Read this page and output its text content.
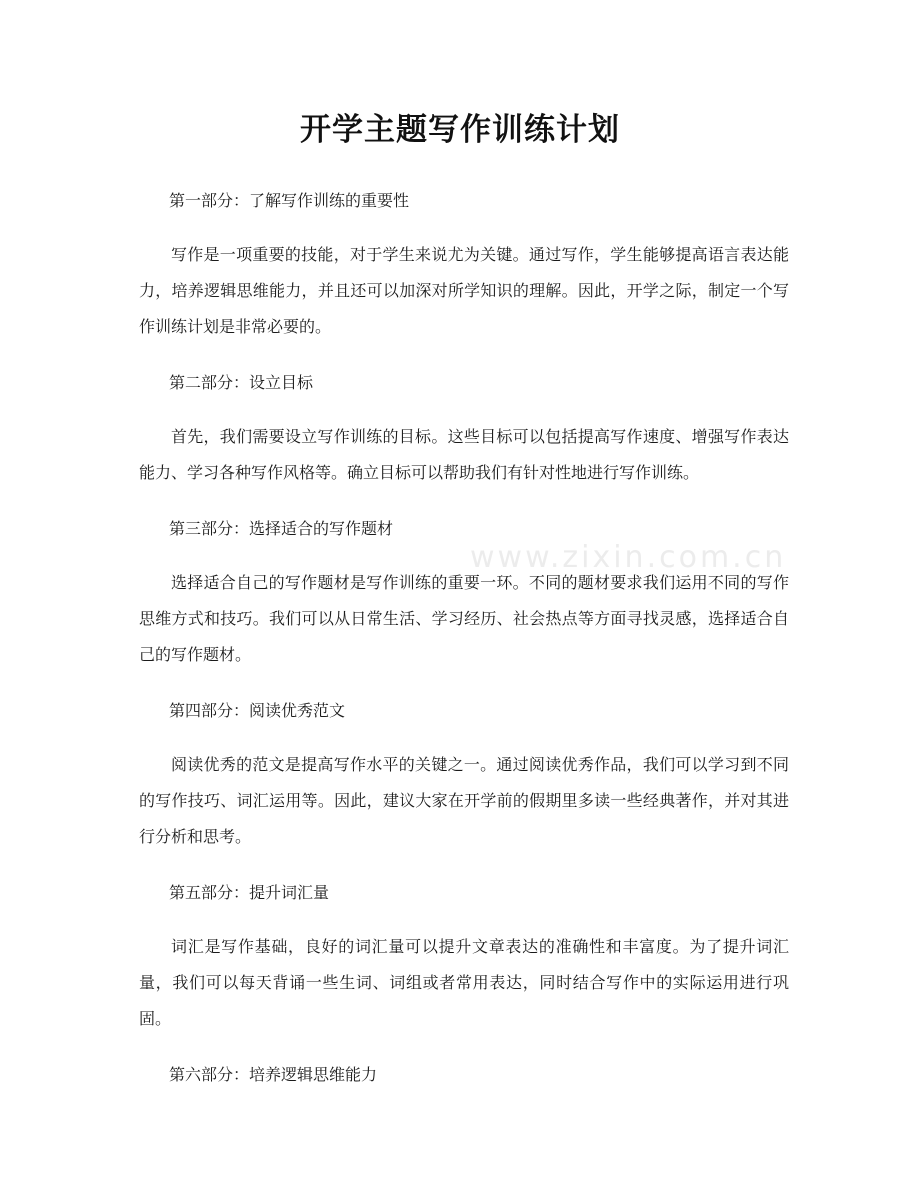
开学主题写作训练计划
www.zixin.com.cn

第一部分：了解写作训练的重要性

写作是一项重要的技能，对于学生来说尤为关键。通过写作，学生能够提高语言表达能力，培养逻辑思维能力，并且还可以加深对所学知识的理解。因此，开学之际，制定一个写作训练计划是非常必要的。

第二部分：设立目标

首先，我们需要设立写作训练的目标。这些目标可以包括提高写作速度、增强写作表达能力、学习各种写作风格等。确立目标可以帮助我们有针对性地进行写作训练。

第三部分：选择适合的写作题材

选择适合自己的写作题材是写作训练的重要一环。不同的题材要求我们运用不同的写作思维方式和技巧。我们可以从日常生活、学习经历、社会热点等方面寻找灵感，选择适合自己的写作题材。

第四部分：阅读优秀范文

阅读优秀的范文是提高写作水平的关键之一。通过阅读优秀作品，我们可以学习到不同的写作技巧、词汇运用等。因此，建议大家在开学前的假期里多读一些经典著作，并对其进行分析和思考。

第五部分：提升词汇量

词汇是写作基础，良好的词汇量可以提升文章表达的准确性和丰富度。为了提升词汇量，我们可以每天背诵一些生词、词组或者常用表达，同时结合写作中的实际运用进行巩固。

第六部分：培养逻辑思维能力
